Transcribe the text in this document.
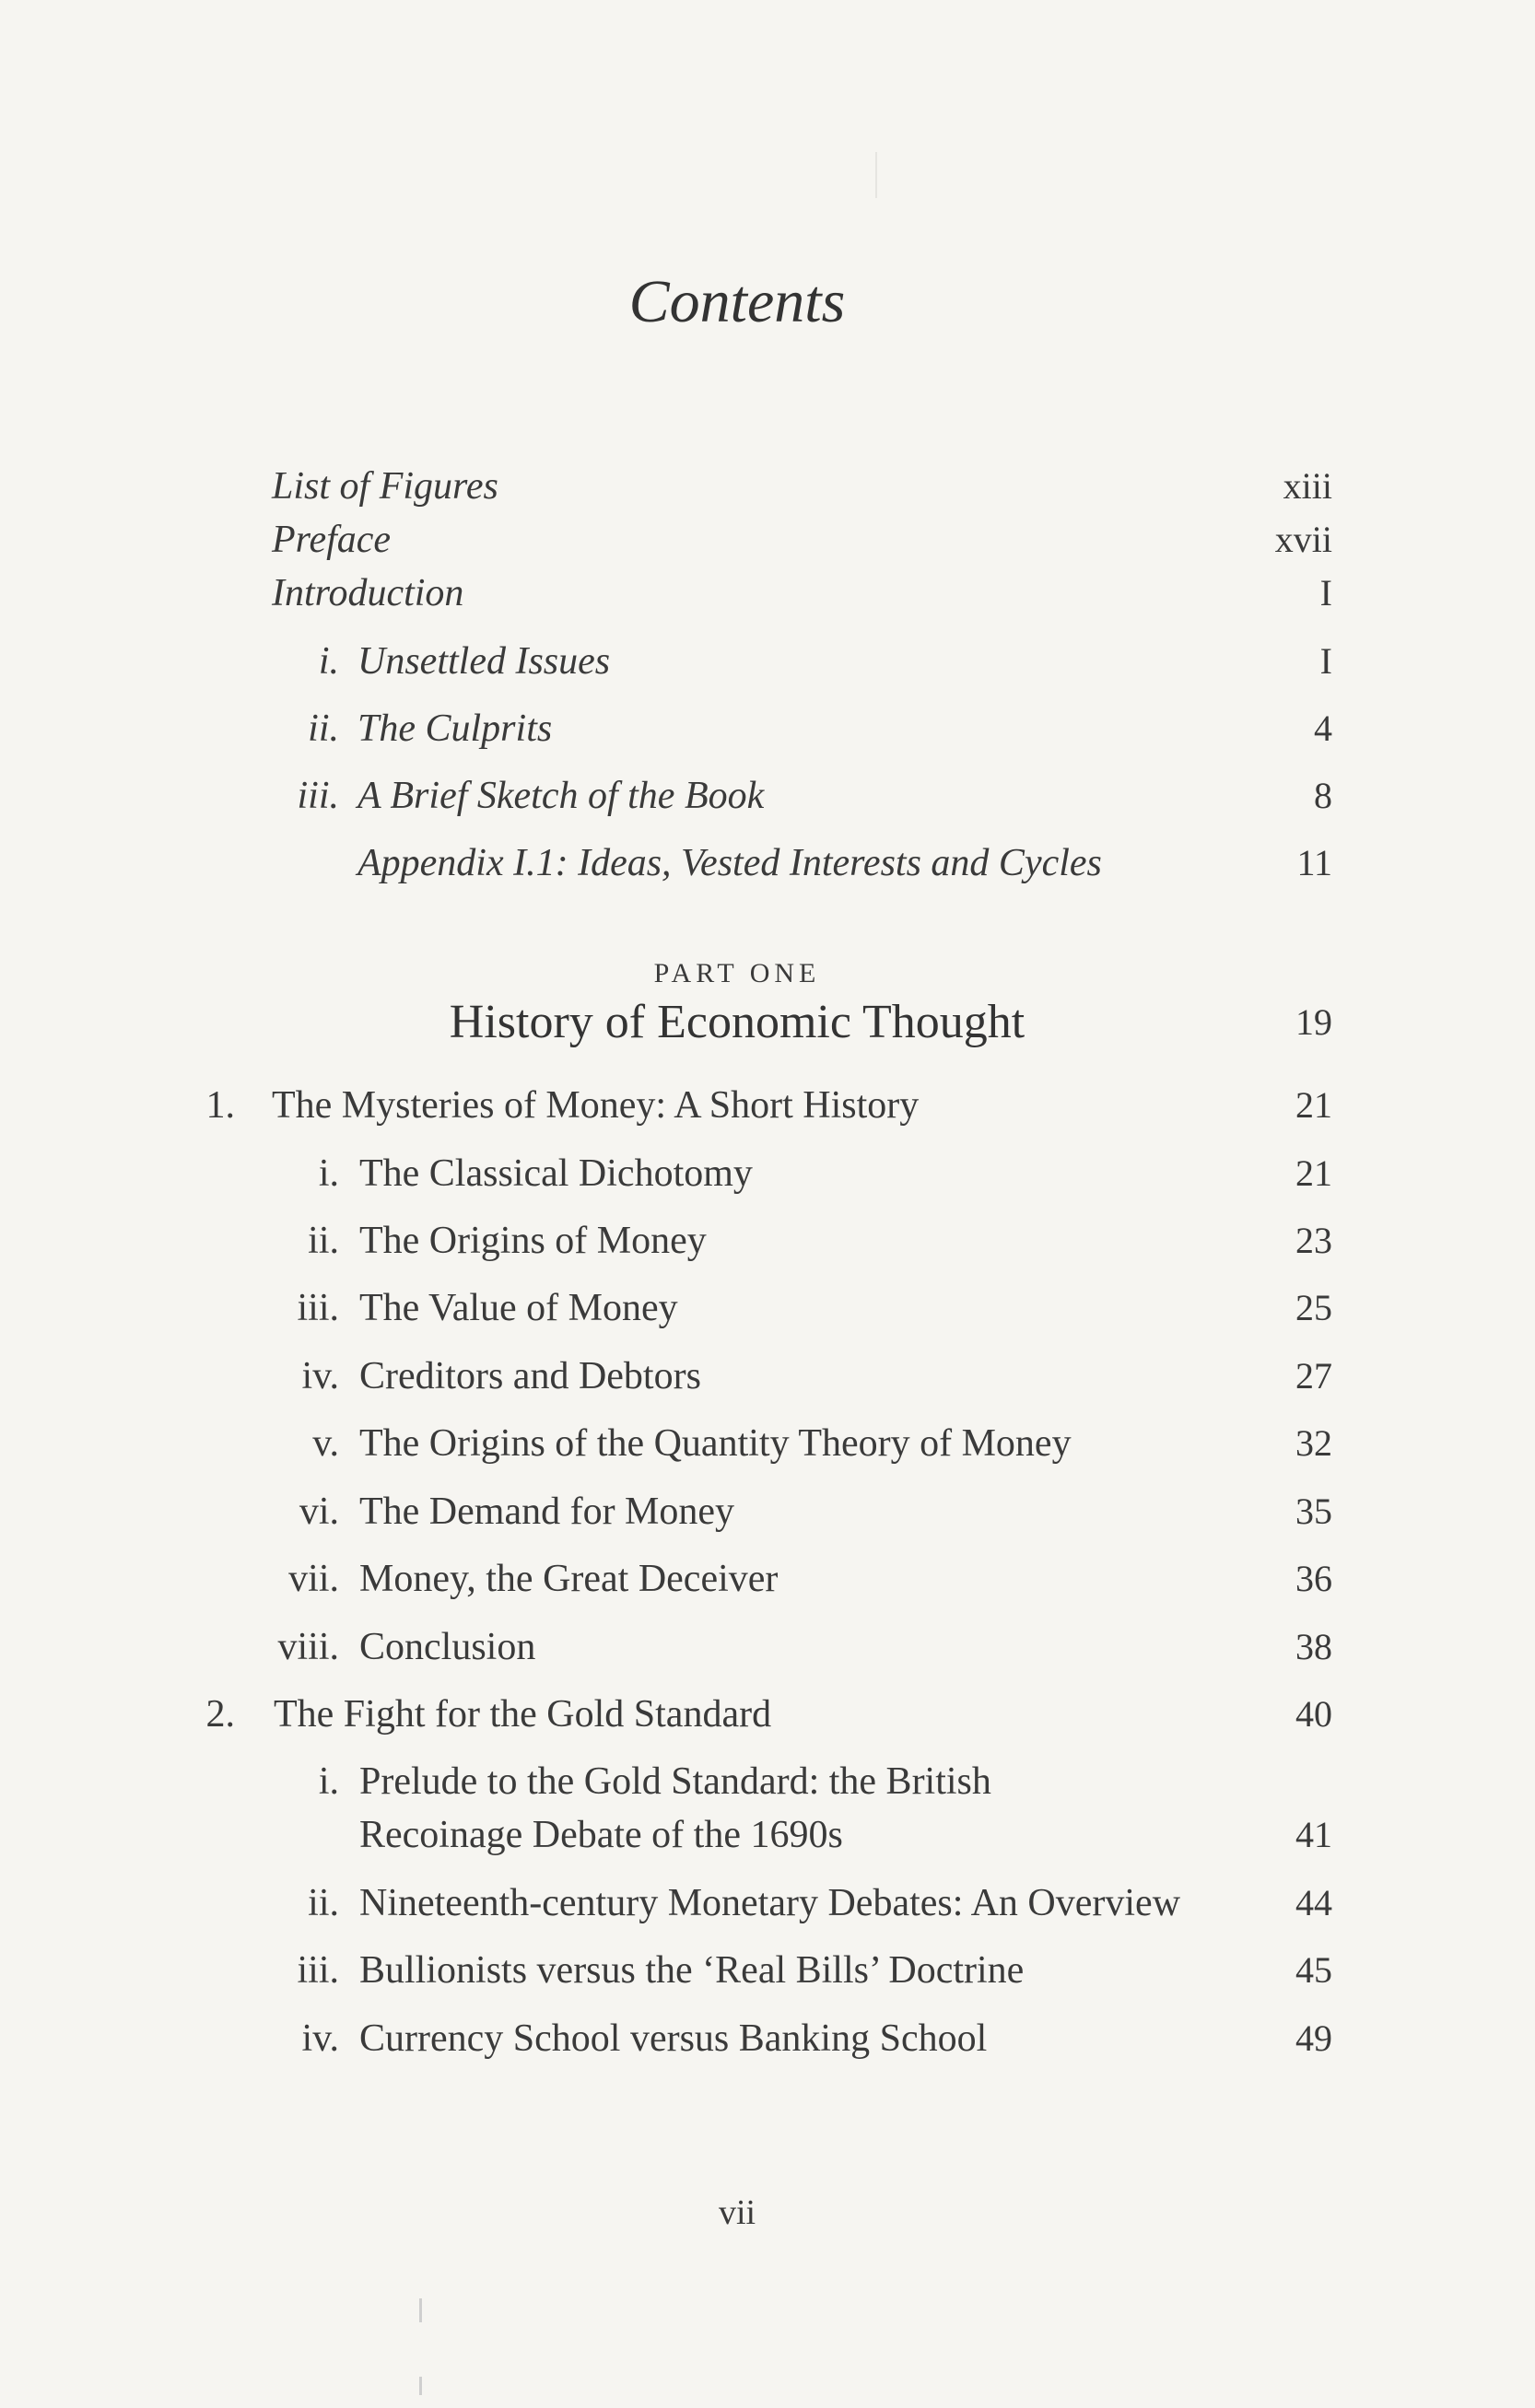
Contents
List of Figures	xiii
Preface	xvii
Introduction	I
i. Unsettled Issues	I
ii. The Culprits	4
iii. A Brief Sketch of the Book	8
Appendix I.1: Ideas, Vested Interests and Cycles	11
PART ONE
History of Economic Thought	19
1. The Mysteries of Money: A Short History	21
i. The Classical Dichotomy	21
ii. The Origins of Money	23
iii. The Value of Money	25
iv. Creditors and Debtors	27
v. The Origins of the Quantity Theory of Money	32
vi. The Demand for Money	35
vii. Money, the Great Deceiver	36
viii. Conclusion	38
2. The Fight for the Gold Standard	40
i. Prelude to the Gold Standard: the British
Recoinage Debate of the 1690s	41
ii. Nineteenth-century Monetary Debates: An Overview	44
iii. Bullionists versus the ‘Real Bills’ Doctrine	45
iv. Currency School versus Banking School	49
vii
